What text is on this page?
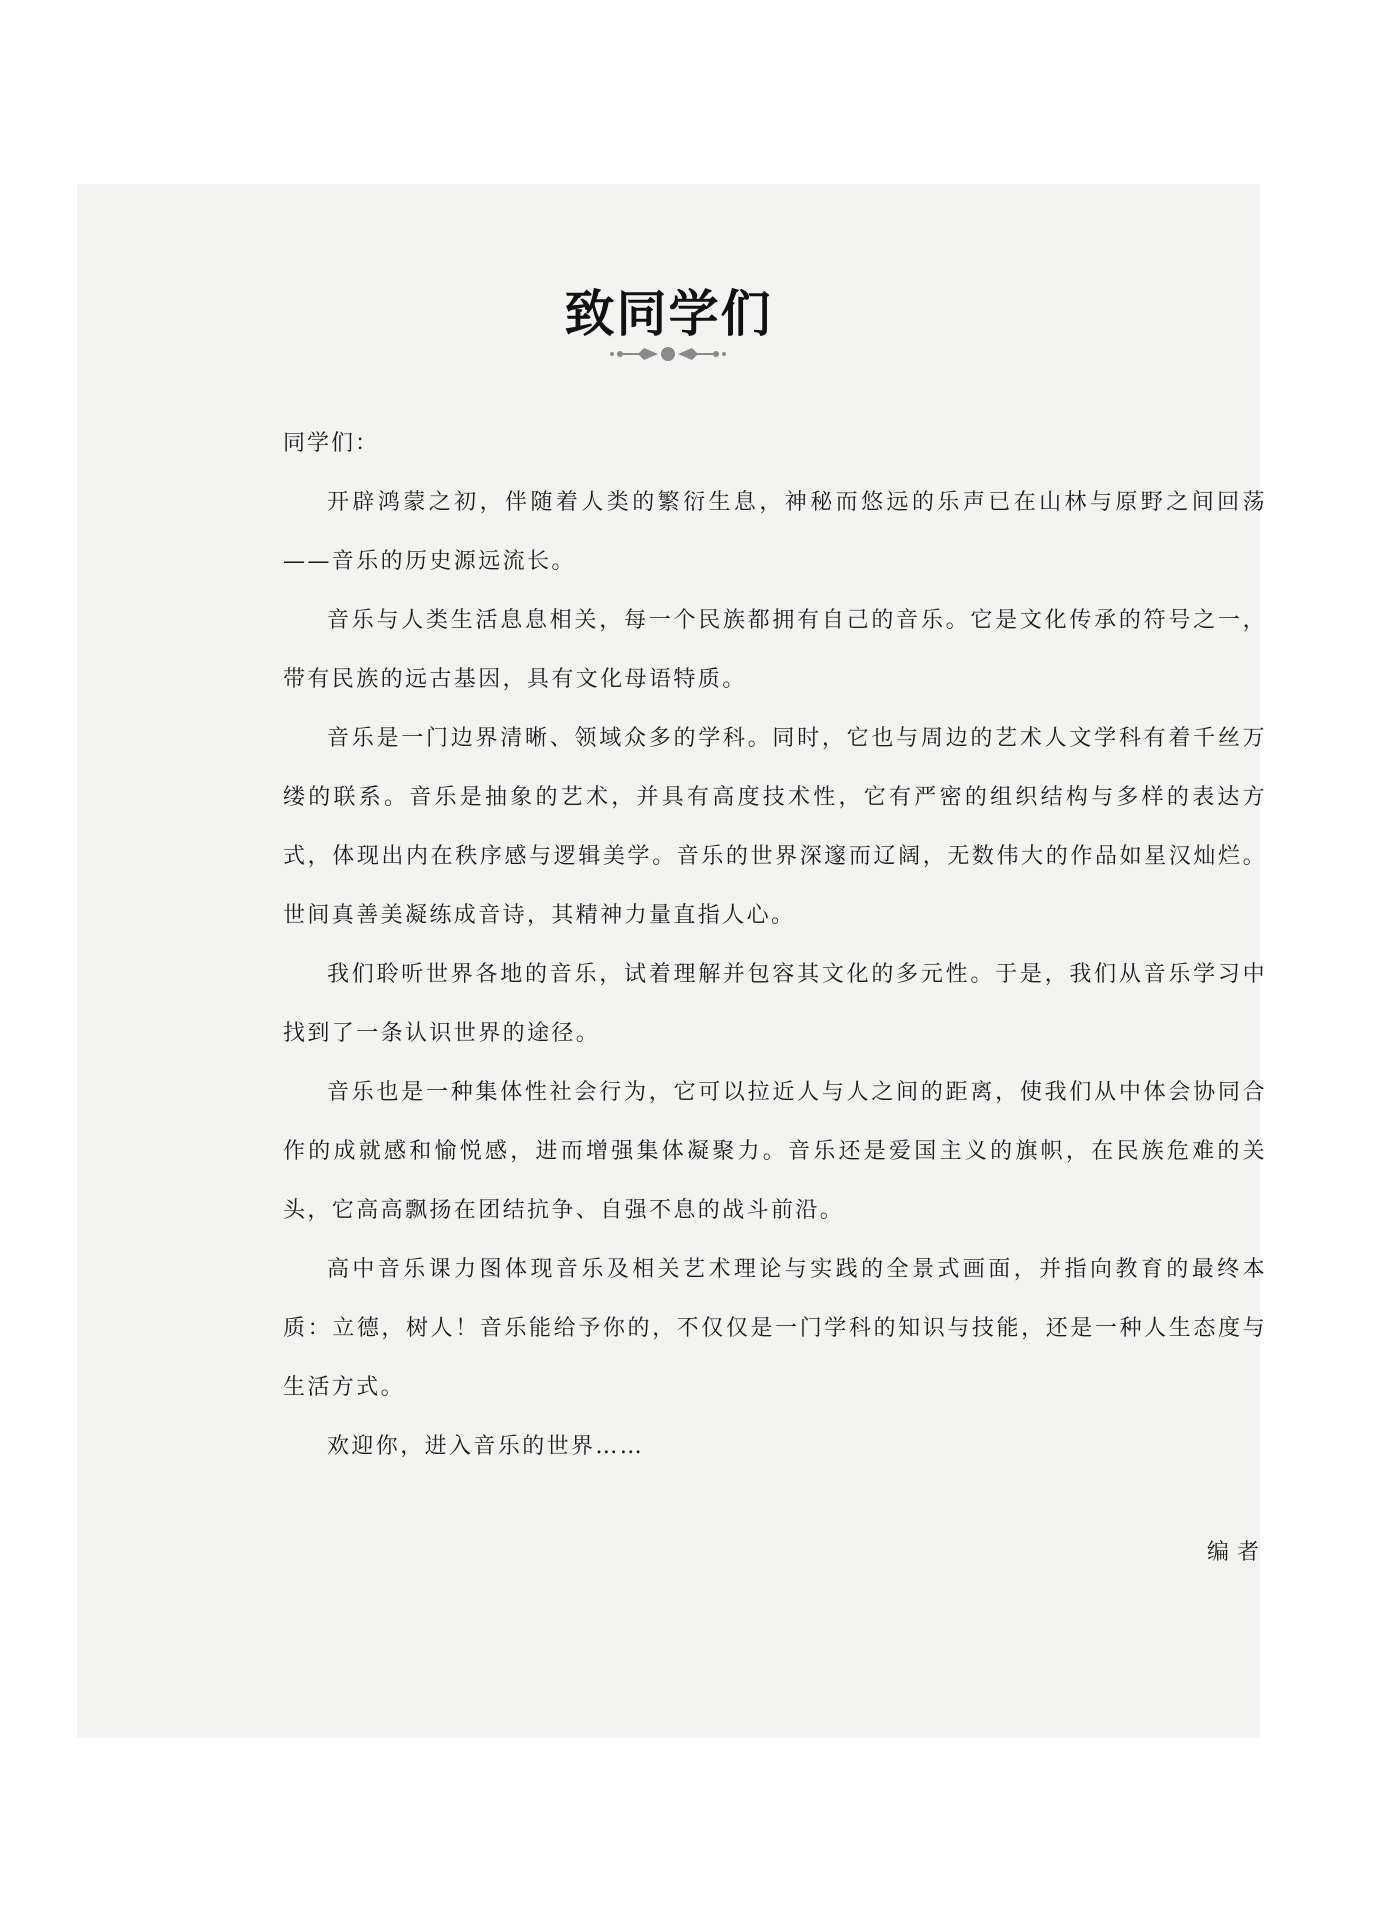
致同学们

同学们：

开辟鸿蒙之初，伴随着人类的繁衍生息，神秘而悠远的乐声已在山林与原野之间回荡——音乐的历史源远流长。

音乐与人类生活息息相关，每一个民族都拥有自己的音乐。它是文化传承的符号之一，带有民族的远古基因，具有文化母语特质。

音乐是一门边界清晰、领域众多的学科。同时，它也与周边的艺术人文学科有着千丝万缕的联系。音乐是抽象的艺术，并具有高度技术性，它有严密的组织结构与多样的表达方式，体现出内在秩序感与逻辑美学。音乐的世界深邃而辽阔，无数伟大的作品如星汉灿烂。世间真善美凝练成音诗，其精神力量直指人心。

我们聆听世界各地的音乐，试着理解并包容其文化的多元性。于是，我们从音乐学习中找到了一条认识世界的途径。

音乐也是一种集体性社会行为，它可以拉近人与人之间的距离，使我们从中体会协同合作的成就感和愉悦感，进而增强集体凝聚力。音乐还是爱国主义的旗帜，在民族危难的关头，它高高飘扬在团结抗争、自强不息的战斗前沿。

高中音乐课力图体现音乐及相关艺术理论与实践的全景式画面，并指向教育的最终本质：立德，树人！音乐能给予你的，不仅仅是一门学科的知识与技能，还是一种人生态度与生活方式。

欢迎你，进入音乐的世界……

编者
